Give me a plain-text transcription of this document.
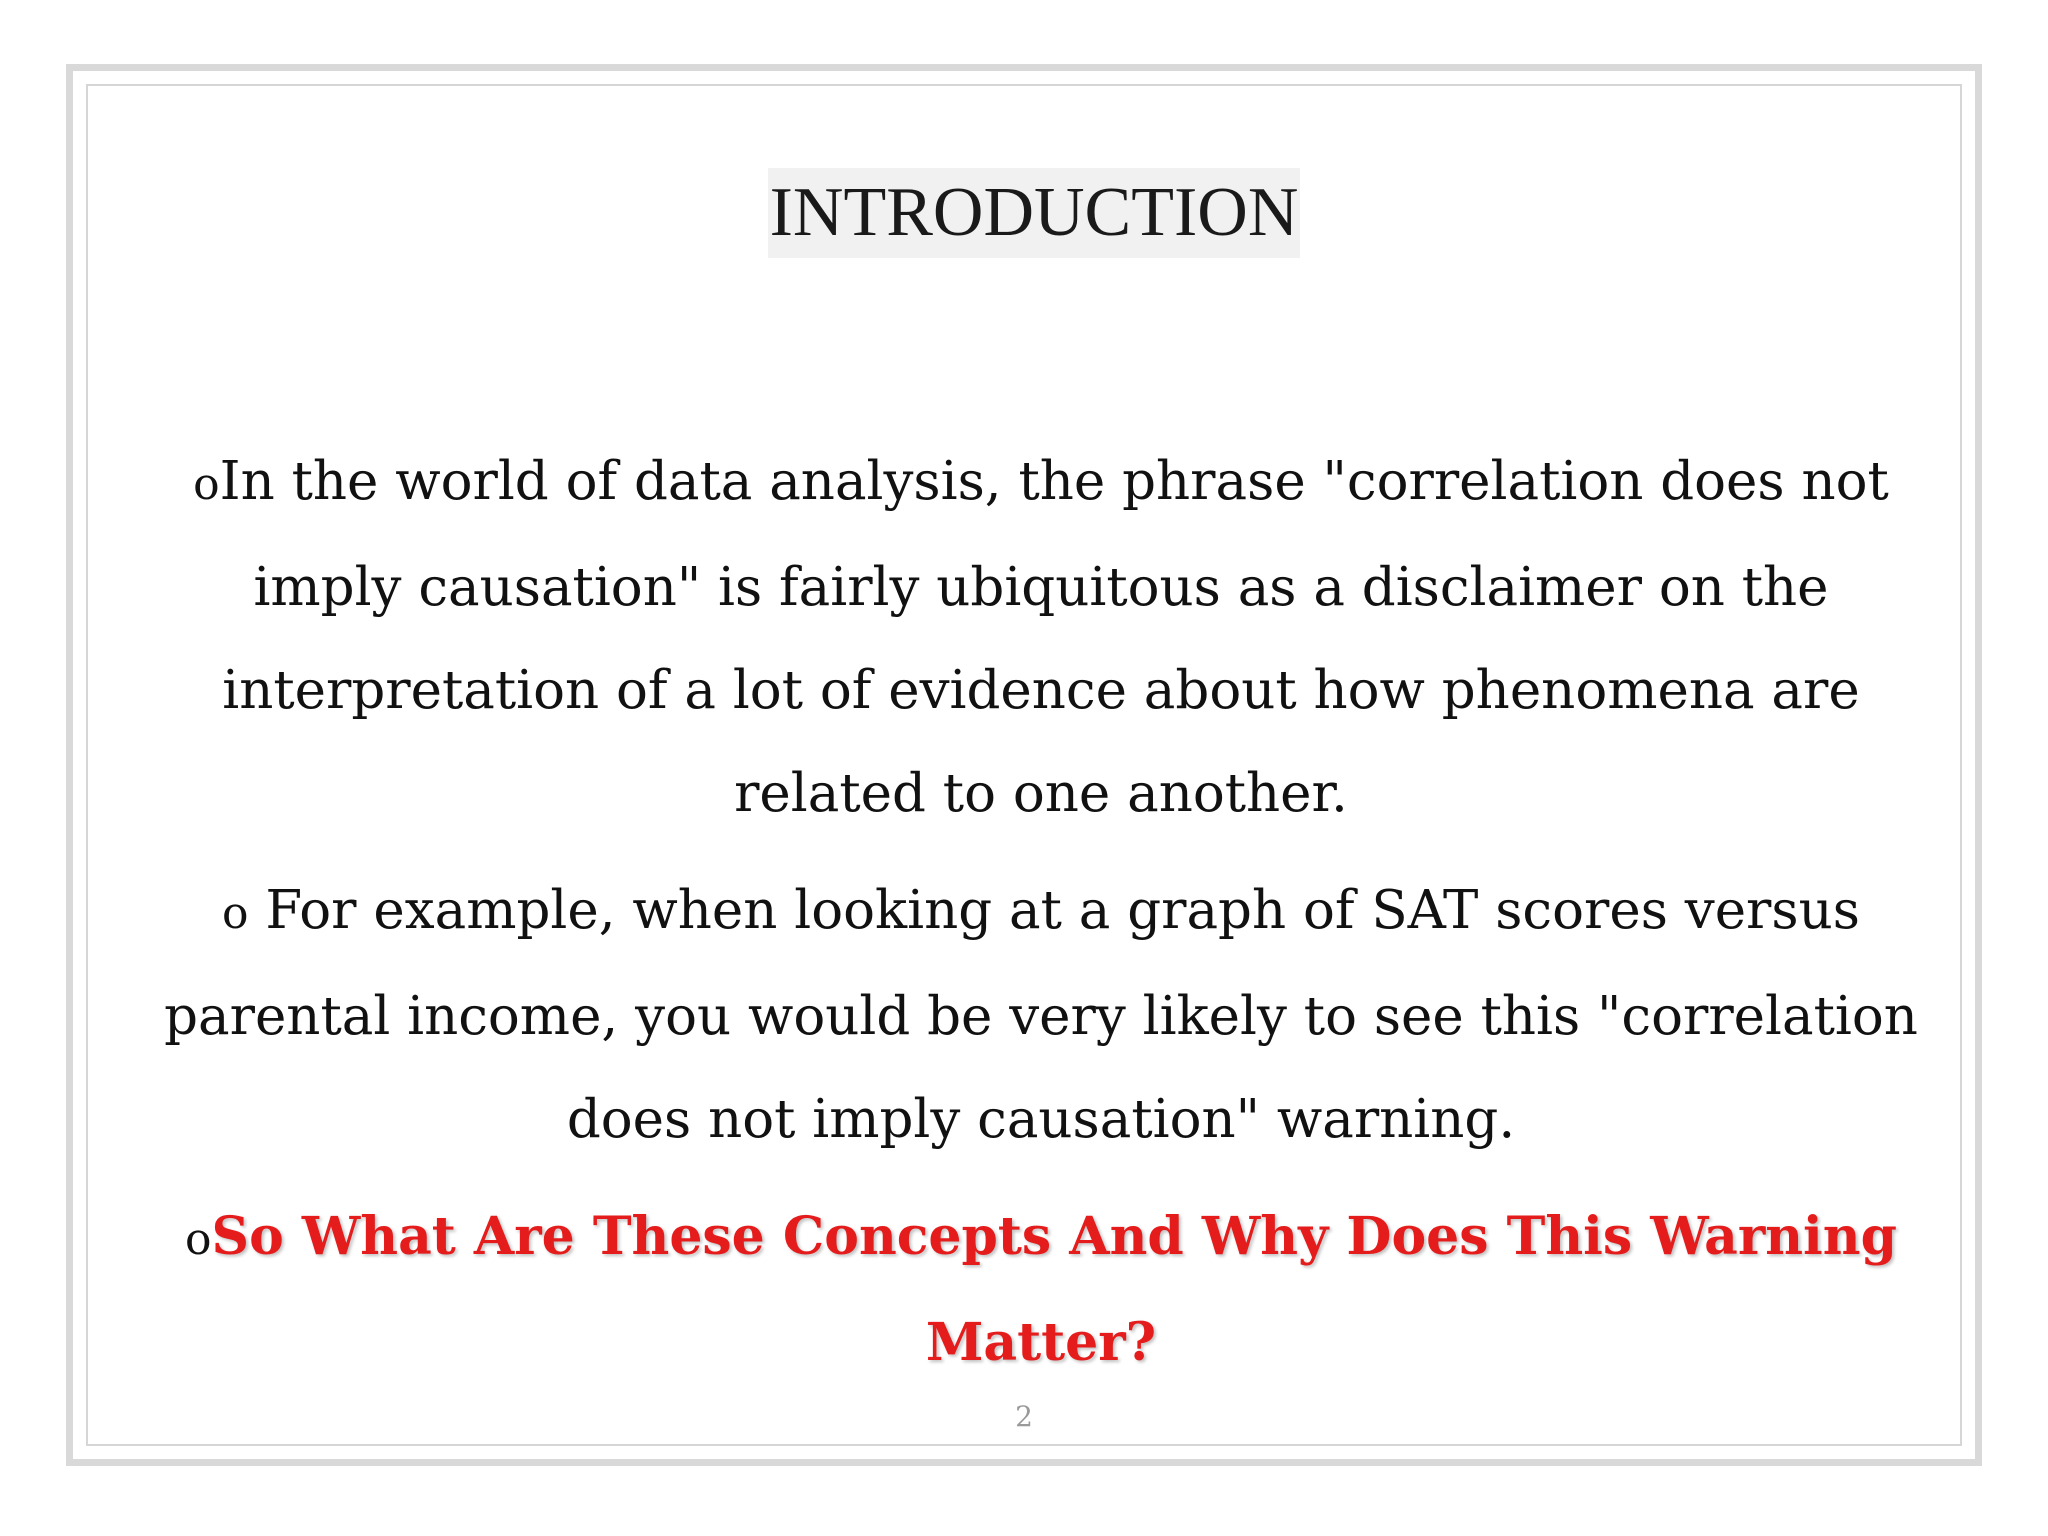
INTRODUCTION

oIn the world of data analysis, the phrase "correlation does not imply causation" is fairly ubiquitous as a disclaimer on the interpretation of a lot of evidence about how phenomena are related to one another.

o For example, when looking at a graph of SAT scores versus parental income, you would be very likely to see this "correlation does not imply causation" warning.

oSo What Are These Concepts And Why Does This Warning Matter?

2
